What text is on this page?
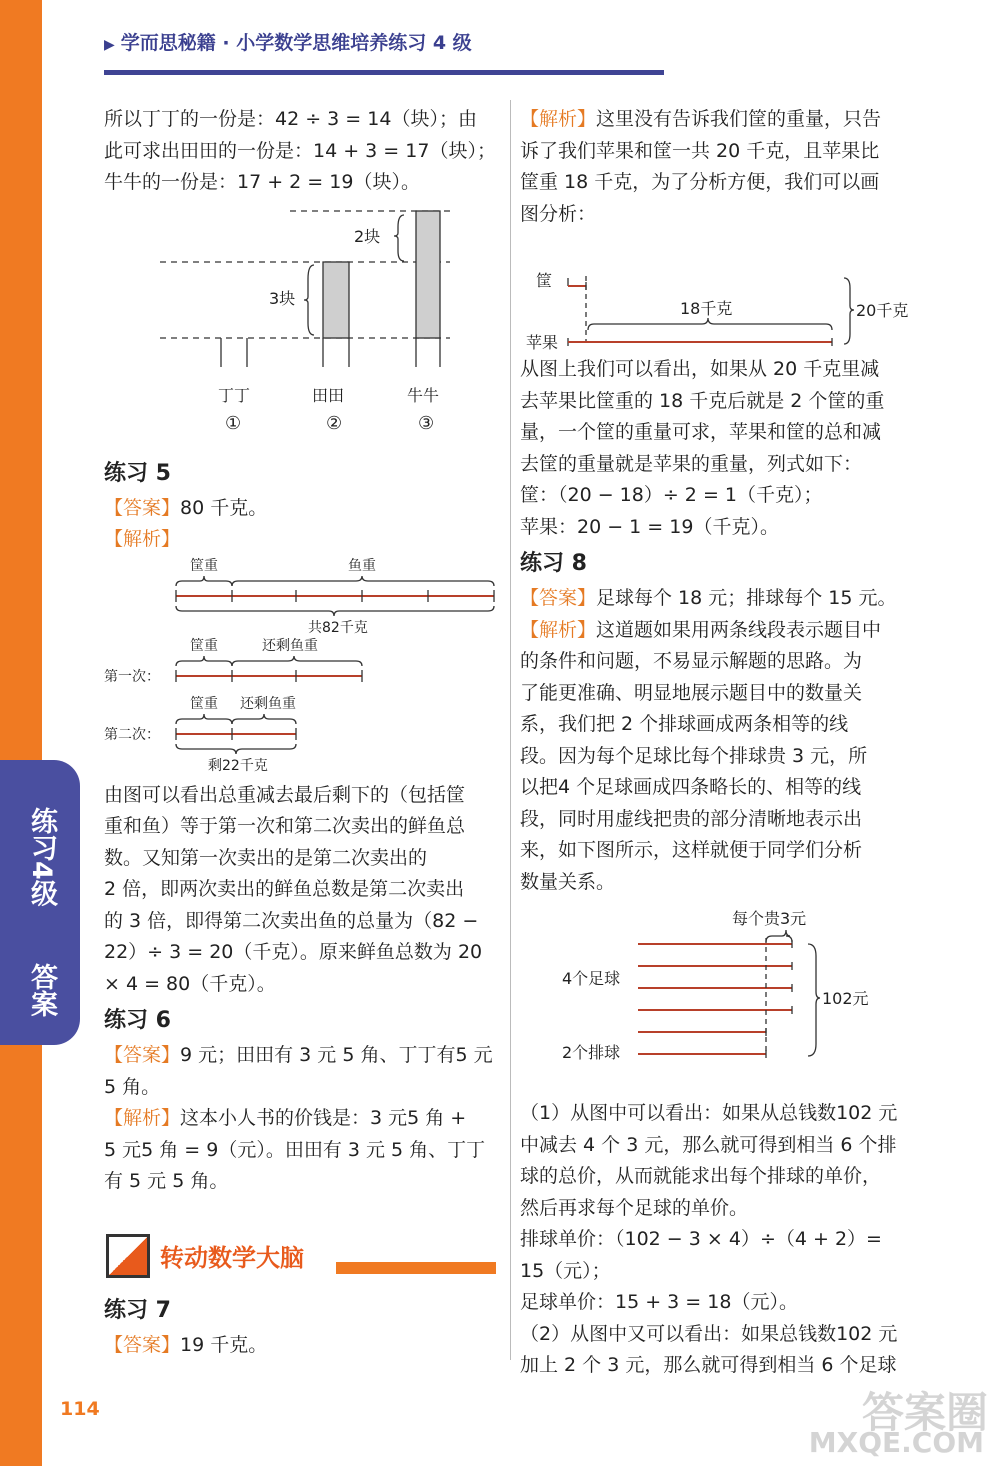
练习4级
答案
▶ 学而思秘籍 · 小学数学思维培养练习 4 级

所以丁丁的一份是：42 ÷ 3 = 14（块）；由

此可求出田田的一份是：14 + 3 = 17（块）；

牛牛的一份是：17 + 2 = 19（块）。

2块
3块
丁丁	田田	牛牛
①	②	③
练习 5

【答案】80 千克。

【解析】

筐重	鱼重
共82千克
第一次：
筐重	还剩鱼重
第二次：
筐重 还剩鱼重
剩22千克

由图可以看出总重减去最后剩下的（包括筐

重和鱼）等于第一次和第二次卖出的鲜鱼总

数。又知第一次卖出的是第二次卖出的

2 倍，即两次卖出的鲜鱼总数是第二次卖出

的 3 倍，即得第二次卖出鱼的总量为（82 −

22）÷ 3 = 20（千克）。原来鲜鱼总数为 20

× 4 = 80（千克）。

练习 6

【答案】9 元；田田有 3 元 5 角、丁丁有5 元

5 角。

【解析】这本小人书的价钱是：3 元5 角 +

5 元5 角 = 9（元）。田田有 3 元 5 角、丁丁

有 5 元 5 角。

转动数学大脑
练习 7

【答案】19 千克。

【解析】这里没有告诉我们筐的重量，只告

诉了我们苹果和筐一共 20 千克，且苹果比

筐重 18 千克，为了分析方便，我们可以画

图分析：

筐
苹果
18千克	20千克

从图上我们可以看出，如果从 20 千克里减

去苹果比筐重的 18 千克后就是 2 个筐的重

量，一个筐的重量可求，苹果和筐的总和减

去筐的重量就是苹果的重量，列式如下：

筐：（20 − 18）÷ 2 = 1（千克）；

苹果：20 − 1 = 19（千克）。

练习 8

【答案】足球每个 18 元；排球每个 15 元。

【解析】这道题如果用两条线段表示题目中

的条件和问题，不易显示解题的思路。为

了能更准确、明显地展示题目中的数量关

系，我们把 2 个排球画成两条相等的线

段。因为每个足球比每个排球贵 3 元，所

以把4 个足球画成四条略长的、相等的线

段，同时用虚线把贵的部分清晰地表示出

来，如下图所示，这样就便于同学们分析

数量关系。

每个贵3元
4个足球
2个排球
102元

（1）从图中可以看出：如果从总钱数102 元

中减去 4 个 3 元，那么就可得到相当 6 个排

球的总价，从而就能求出每个排球的单价，

然后再求每个足球的单价。

排球单价：（102 − 3 × 4）÷（4 + 2）=

15（元）；

足球单价：15 + 3 = 18（元）。

（2）从图中又可以看出：如果总钱数102 元

加上 2 个 3 元，那么就可得到相当 6 个足球

114	答案圈
MXQE.COM
